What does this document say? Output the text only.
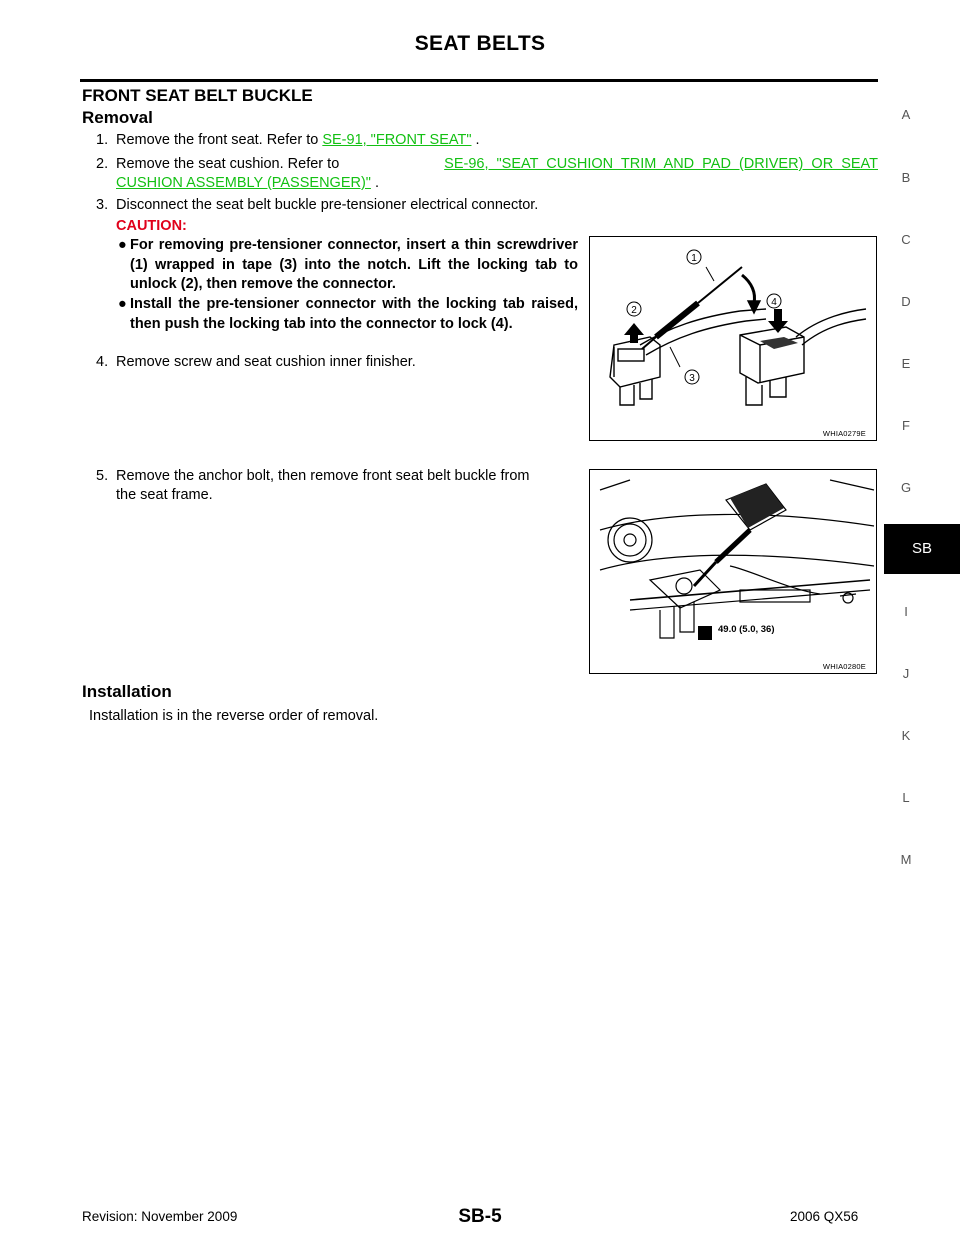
SEAT BELTS
FRONT SEAT BELT BUCKLE
Removal
1. Remove the front seat. Refer to SE-91, "FRONT SEAT" .
2. Remove the seat cushion. Refer to	SE-96, "SEAT CUSHION TRIM AND PAD (DRIVER) OR SEAT
CUSHION ASSEMBLY (PASSENGER)" .
3. Disconnect the seat belt buckle pre-tensioner electrical connector.
CAUTION:
● For removing pre-tensioner connector, insert a thin screwdriver (1) wrapped in tape (3) into the notch. Lift the locking tab to unlock (2), then remove the connector.
● Install the pre-tensioner connector with the locking tab raised, then push the locking tab into the connector to lock (4).
4. Remove screw and seat cushion inner finisher.
5. Remove the anchor bolt, then remove front seat belt buckle from
the seat frame.
1
2
3
4
WHIA0279E
49.0 (5.0, 36)
WHIA0280E
Installation
Installation is in the reverse order of removal.
A
B
C
D
E
F
G
SB
I
J
K
L
M
Revision: November 2009	SB-5	2006 QX56
